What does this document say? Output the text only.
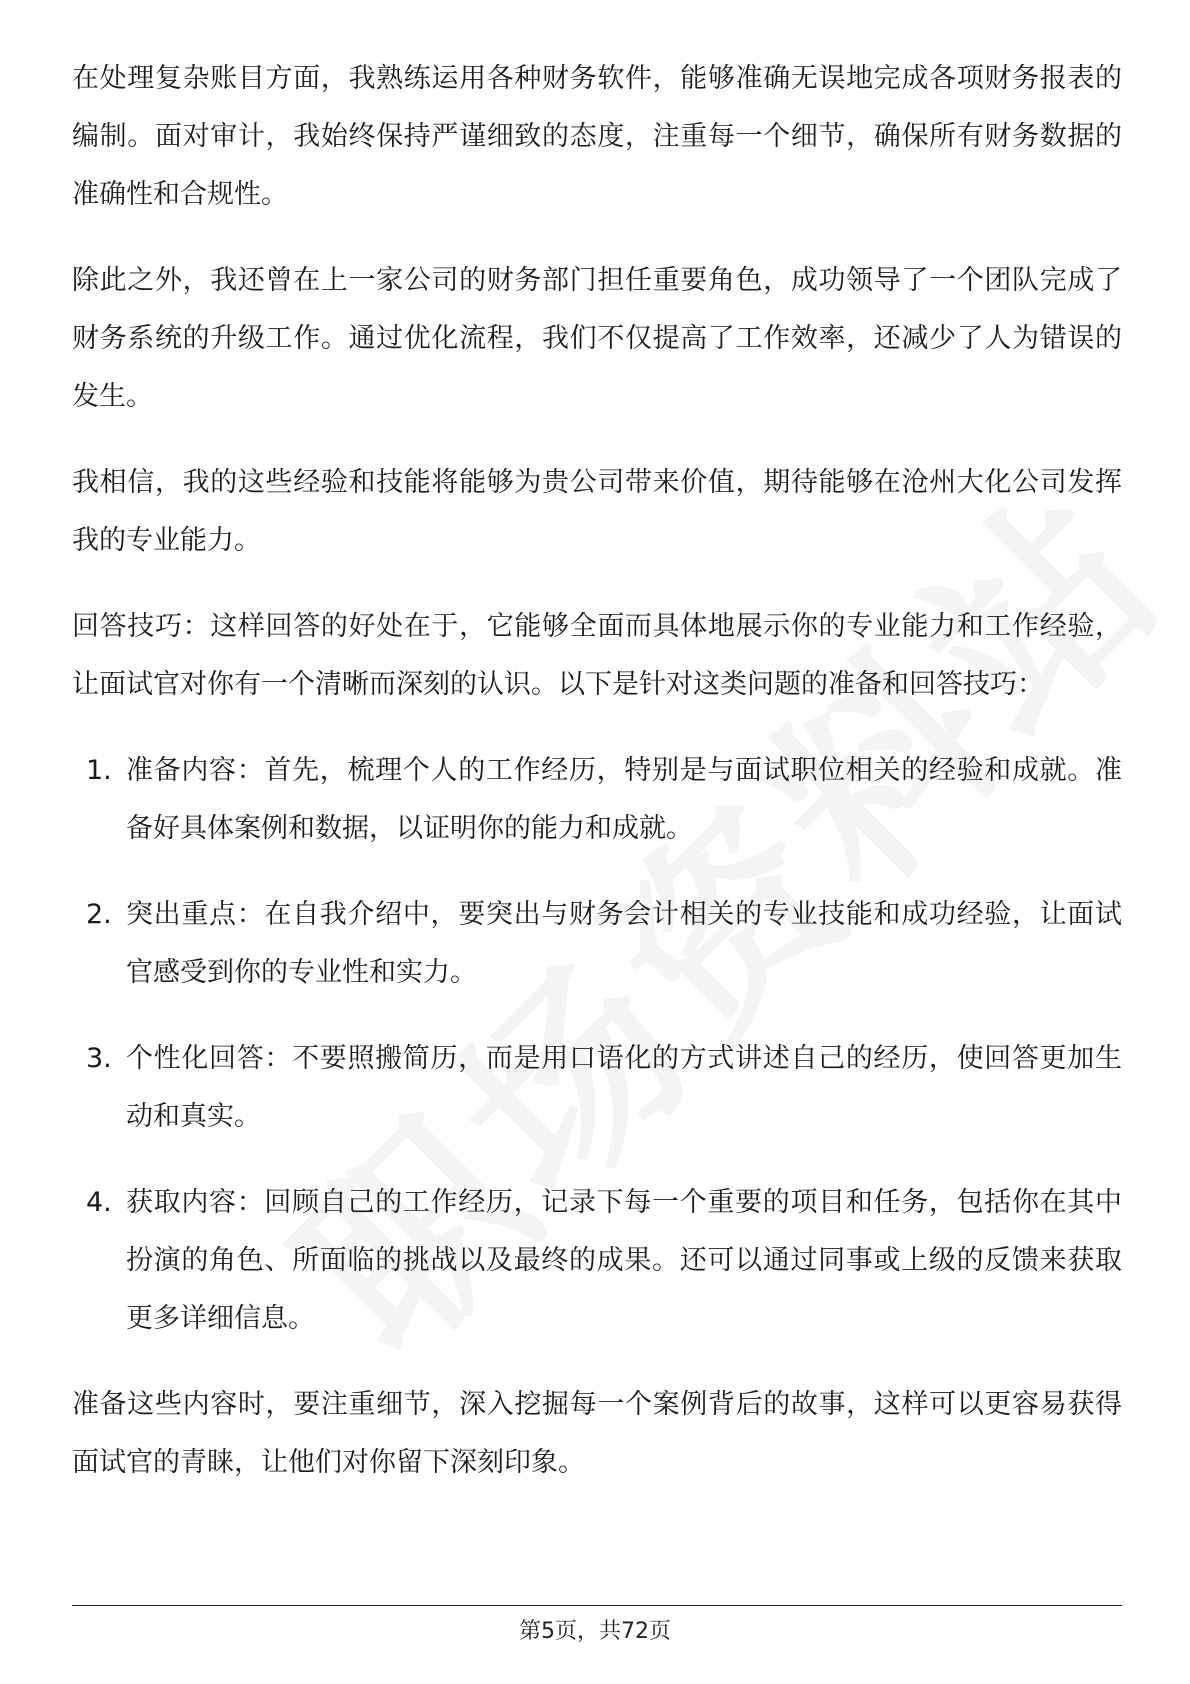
在处理复杂账目方面，我熟练运用各种财务软件，能够准确无误地完成各项财务报表的编制。面对审计，我始终保持严谨细致的态度，注重每一个细节，确保所有财务数据的准确性和合规性。

除此之外，我还曾在上一家公司的财务部门担任重要角色，成功领导了一个团队完成了财务系统的升级工作。通过优化流程，我们不仅提高了工作效率，还减少了人为错误的发生。

我相信，我的这些经验和技能将能够为贵公司带来价值，期待能够在沧州大化公司发挥我的专业能力。

回答技巧：这样回答的好处在于，它能够全面而具体地展示你的专业能力和工作经验，让面试官对你有一个清晰而深刻的认识。以下是针对这类问题的准备和回答技巧：

1. 准备内容：首先，梳理个人的工作经历，特别是与面试职位相关的经验和成就。准备好具体案例和数据，以证明你的能力和成就。
2. 突出重点：在自我介绍中，要突出与财务会计相关的专业技能和成功经验，让面试官感受到你的专业性和实力。
3. 个性化回答：不要照搬简历，而是用口语化的方式讲述自己的经历，使回答更加生动和真实。
4. 获取内容：回顾自己的工作经历，记录下每一个重要的项目和任务，包括你在其中扮演的角色、所面临的挑战以及最终的成果。还可以通过同事或上级的反馈来获取更多详细信息。

准备这些内容时，要注重细节，深入挖掘每一个案例背后的故事，这样可以更容易获得面试官的青睐，让他们对你留下深刻印象。

第5页，共72页
